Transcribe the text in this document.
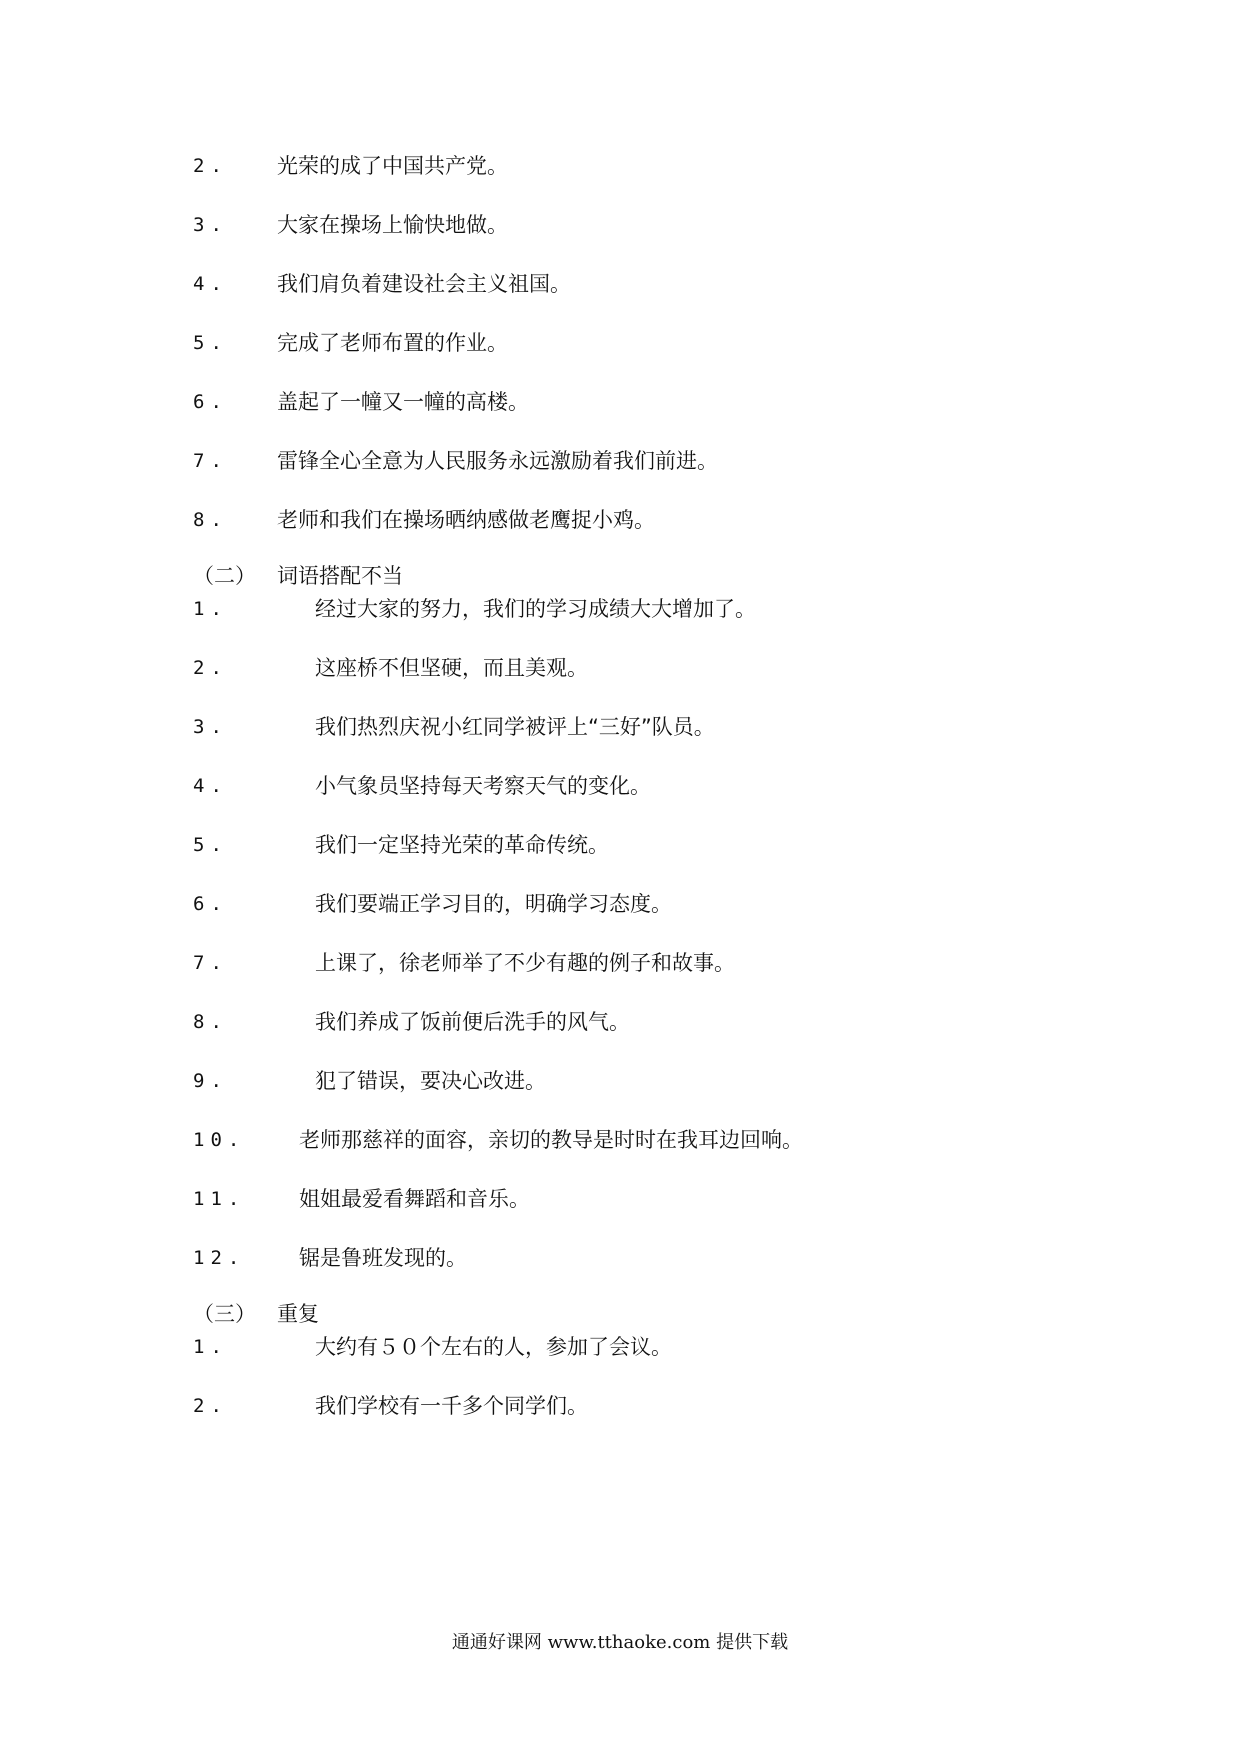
2. 光荣的成了中国共产党。
3. 大家在操场上愉快地做。
4. 我们肩负着建设社会主义祖国。
5. 完成了老师布置的作业。
6. 盖起了一幢又一幢的高楼。
7. 雷锋全心全意为人民服务永远激励着我们前进。
8. 老师和我们在操场晒纳感做老鹰捉小鸡。
（二） 词语搭配不当
1.	经过大家的努力，我们的学习成绩大大增加了。
2.	这座桥不但坚硬，而且美观。
3.	我们热烈庆祝小红同学被评上“三好”队员。
4.	小气象员坚持每天考察天气的变化。
5.	我们一定坚持光荣的革命传统。
6.	我们要端正学习目的，明确学习态度。
7.	上课了，徐老师举了不少有趣的例子和故事。
8.	我们养成了饭前便后洗手的风气。
9.	犯了错误，要决心改进。
10.	老师那慈祥的面容，亲切的教导是时时在我耳边回响。
11.	姐姐最爱看舞蹈和音乐。
12.	锯是鲁班发现的。
（三） 重复
1.	大约有５０个左右的人，参加了会议。
2.	我们学校有一千多个同学们。
通通好课网 www.tthaoke.com 提供下载
